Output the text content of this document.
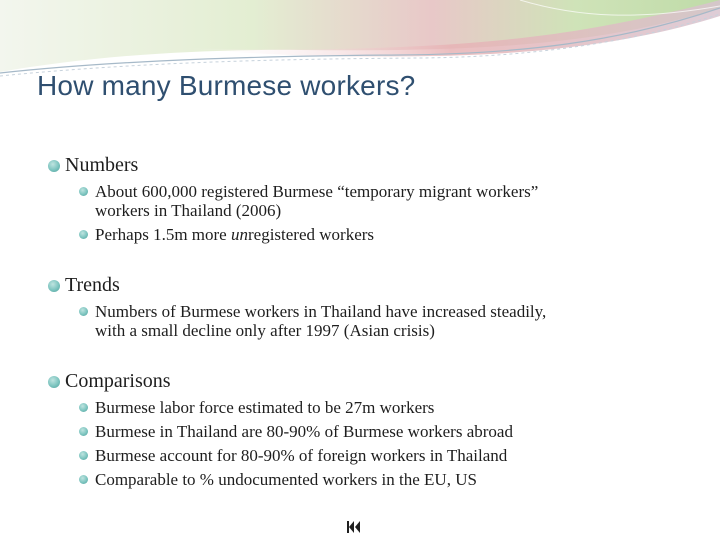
How many Burmese workers?
Numbers
About 600,000 registered Burmese “temporary migrant workers”
workers in Thailand (2006)
Perhaps 1.5m more unregistered workers
Trends
Numbers of Burmese workers in Thailand have increased steadily,
with a small decline only after 1997 (Asian crisis)
Comparisons
Burmese labor force estimated to be 27m workers
Burmese in Thailand are 80-90% of Burmese workers abroad
Burmese account for 80-90% of foreign workers in Thailand
Comparable to % undocumented workers in the EU, US
